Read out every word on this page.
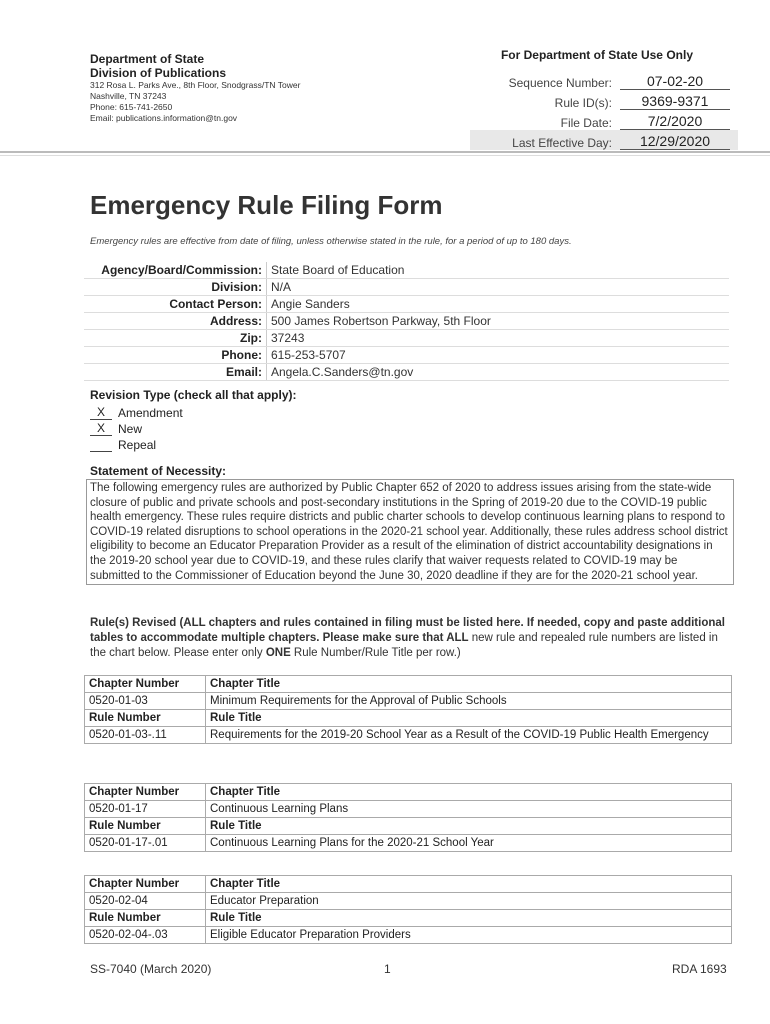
Department of State
Division of Publications
312 Rosa L. Parks Ave., 8th Floor, Snodgrass/TN Tower
Nashville, TN 37243
Phone: 615-741-2650
Email: publications.information@tn.gov
For Department of State Use Only
Sequence Number:	07-02-20
Rule ID(s):	9369-9371
File Date:	7/2/2020
Last Effective Day:	12/29/2020
Emergency Rule Filing Form
Emergency rules are effective from date of filing, unless otherwise stated in the rule, for a period of up to 180 days.
Agency/Board/Commission:	State Board of Education
Division:	N/A
Contact Person:	Angie Sanders
Address:	500 James Robertson Parkway, 5th Floor
Zip:	37243
Phone:	615-253-5707
Email:	Angela.C.Sanders@tn.gov
Revision Type (check all that apply):
X	Amendment
X	New
Repeal
Statement of Necessity:
The following emergency rules are authorized by Public Chapter 652 of 2020 to address issues arising from the state-wide closure of public and private schools and post-secondary institutions in the Spring of 2019-20 due to the COVID-19 public health emergency. These rules require districts and public charter schools to develop continuous learning plans to respond to COVID-19 related disruptions to school operations in the 2020-21 school year. Additionally, these rules address school district eligibility to become an Educator Preparation Provider as a result of the elimination of district accountability designations in the 2019-20 school year due to COVID-19, and these rules clarify that waiver requests related to COVID-19 may be submitted to the Commissioner of Education beyond the June 30, 2020 deadline if they are for the 2020-21 school year.
Rule(s) Revised (ALL chapters and rules contained in filing must be listed here. If needed, copy and paste additional tables to accommodate multiple chapters. Please make sure that ALL new rule and repealed rule numbers are listed in the chart below. Please enter only ONE Rule Number/Rule Title per row.)
Chapter Number	Chapter Title
0520-01-03	Minimum Requirements for the Approval of Public Schools
Rule Number	Rule Title
0520-01-03-.11	Requirements for the 2019-20 School Year as a Result of the COVID-19 Public Health Emergency
Chapter Number	Chapter Title
0520-01-17	Continuous Learning Plans
Rule Number	Rule Title
0520-01-17-.01	Continuous Learning Plans for the 2020-21 School Year
Chapter Number	Chapter Title
0520-02-04	Educator Preparation
Rule Number	Rule Title
0520-02-04-.03	Eligible Educator Preparation Providers
SS-7040 (March 2020)	1	RDA 1693
